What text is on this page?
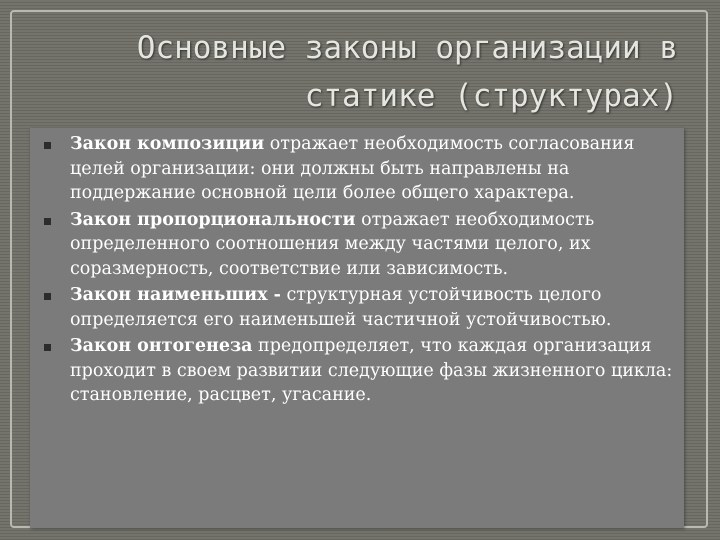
Основные законы организации в
статике (структурах)
Закон композиции отражает необходимость согласования целей организации: они должны быть направлены на поддержание основной цели более общего характера.
Закон пропорциональности отражает необходимость определенного соотношения между частями целого, их соразмерность, соответствие или зависимость.
Закон наименьших - структурная устойчивость целого определяется его наименьшей частичной устойчивостью.
Закон онтогенеза предопределяет, что каждая организация проходит в своем развитии следующие фазы жизненного цикла: становление, расцвет, угасание.
